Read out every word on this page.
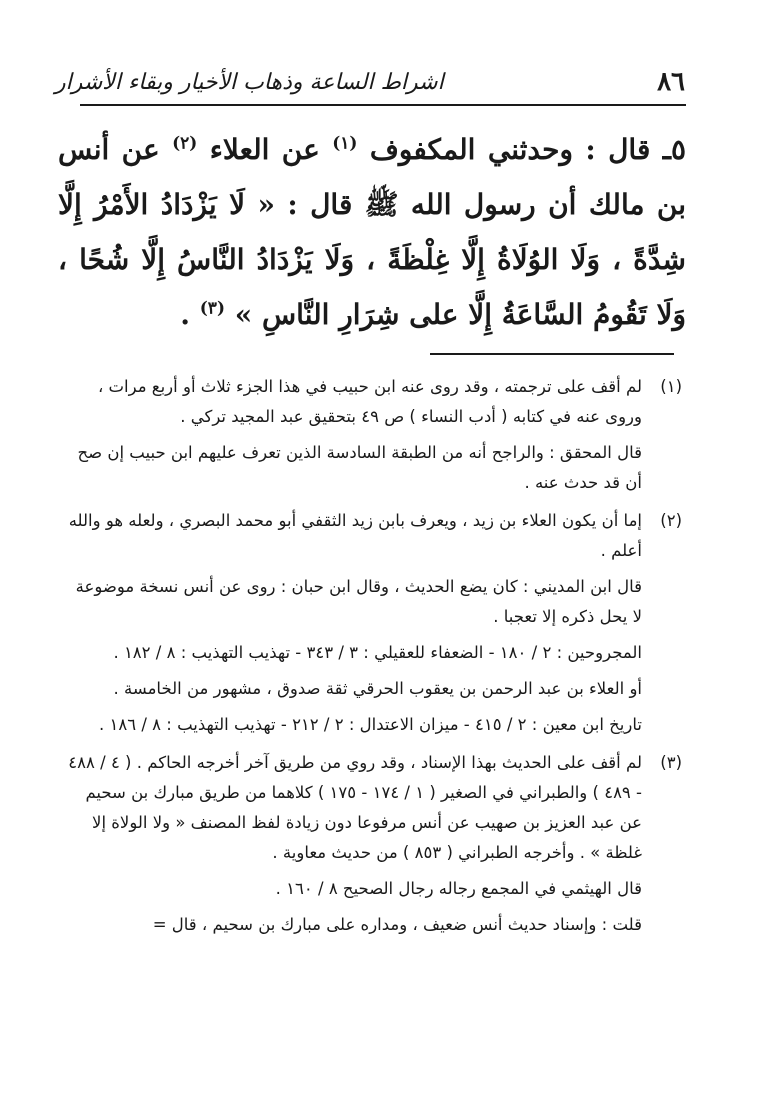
٨٦
اشراط الساعة وذهاب الأخيار وبقاء الأشرار
٥ـ قال : وحدثني المكفوف $^{(١)}$ عن العلاء $^{(٢)}$ عن أنس بن مالك أن رسول الله ﷺ قال : « لَا يَزْدَادُ الأَمْرُ إِلَّا شِدَّةً ، وَلَا الوُلَاةُ إِلَّا غِلْظَةً ، وَلَا يَزْدَادُ النَّاسُ إِلَّا شُحًا ، وَلَا تَقُومُ السَّاعَةُ إِلَّا على شِرَارِ النَّاسِ » $^{(٣)}$ .
(١)

لم أقف على ترجمته ، وقد روى عنه ابن حبيب في هذا الجزء ثلاث أو أربع مرات ، وروى عنه في كتابه ( أدب النساء ) ص ٤٩ بتحقيق عبد المجيد تركي .

قال المحقق : والراجح أنه من الطبقة السادسة الذين تعرف عليهم ابن حبيب إن صح أن قد حدث عنه .

(٢)

إما أن يكون العلاء بن زيد ، ويعرف بابن زيد الثقفي أبو محمد البصري ، ولعله هو والله أعلم .

قال ابن المديني : كان يضع الحديث ، وقال ابن حبان : روى عن أنس نسخة موضوعة لا يحل ذكره إلا تعجبا .

المجروحين : ٢ / ١٨٠ - الضعفاء للعقيلي : ٣ / ٣٤٣ - تهذيب التهذيب : ٨ / ١٨٢ .

أو العلاء بن عبد الرحمن بن يعقوب الحرقي ثقة صدوق ، مشهور من الخامسة .

تاريخ ابن معين : ٢ / ٤١٥ - ميزان الاعتدال : ٢ / ٢١٢ - تهذيب التهذيب : ٨ / ١٨٦ .

(٣)

لم أقف على الحديث بهذا الإسناد ، وقد روي من طريق آخر أخرجه الحاكم . ( ٤ / ٤٨٨ - ٤٨٩ ) والطبراني في الصغير ( ١ / ١٧٤ - ١٧٥ ) كلاهما من طريق مبارك بن سحيم عن عبد العزيز بن صهيب عن أنس مرفوعا دون زيادة لفظ المصنف « ولا الولاة إلا غلظة » . وأخرجه الطبراني ( ٨٥٣ ) من حديث معاوية .

قال الهيثمي في المجمع رجاله رجال الصحيح ٨ / ١٦٠ .

قلت : وإسناد حديث أنس ضعيف ، ومداره على مبارك بن سحيم ، قال =
